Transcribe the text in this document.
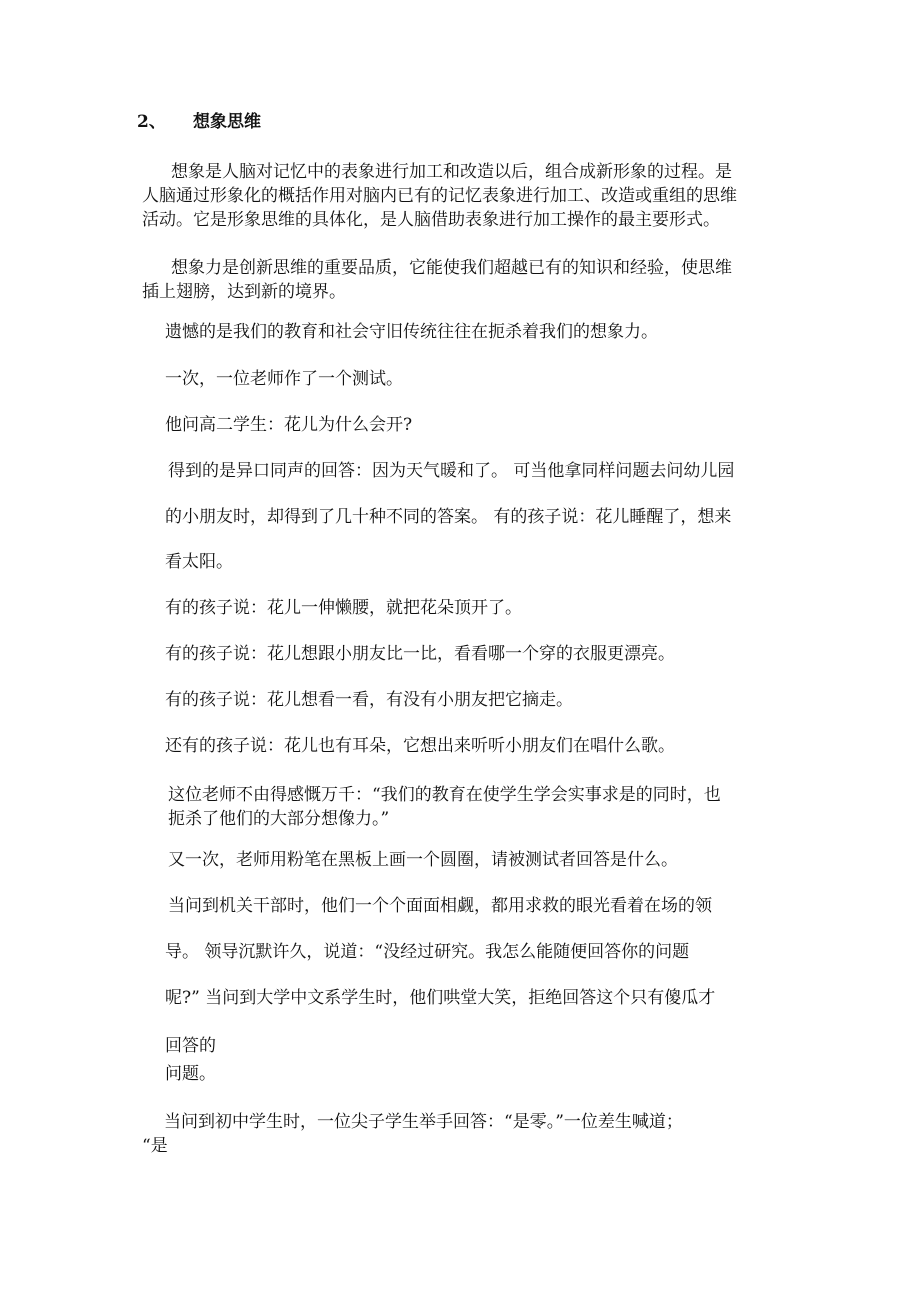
2、 想象思维
想象是人脑对记忆中的表象进行加工和改造以后，组合成新形象的过程。是
人脑通过形象化的概括作用对脑内已有的记忆表象进行加工、改造或重组的思维
活动。它是形象思维的具体化，是人脑借助表象进行加工操作的最主要形式。
想象力是创新思维的重要品质，它能使我们超越已有的知识和经验，使思维
插上翅膀，达到新的境界。
遗憾的是我们的教育和社会守旧传统往往在扼杀着我们的想象力。
一次，一位老师作了一个测试。
他问高二学生：花儿为什么会开?
得到的是异口同声的回答：因为天气暖和了。 可当他拿同样问题去问幼儿园
的小朋友时，却得到了几十种不同的答案。 有的孩子说：花儿睡醒了，想来
看太阳。
有的孩子说：花儿一伸懒腰，就把花朵顶开了。
有的孩子说：花儿想跟小朋友比一比，看看哪一个穿的衣服更漂亮。
有的孩子说：花儿想看一看，有没有小朋友把它摘走。
还有的孩子说：花儿也有耳朵，它想出来听听小朋友们在唱什么歌。
这位老师不由得感慨万千：“我们的教育在使学生学会实事求是的同时，也
扼杀了他们的大部分想像力。”
又一次，老师用粉笔在黑板上画一个圆圈，请被测试者回答是什么。
当问到机关干部时，他们一个个面面相觑，都用求救的眼光看着在场的领
导。 领导沉默许久，说道：“没经过研究。我怎么能随便回答你的问题
呢?” 当问到大学中文系学生时，他们哄堂大笑，拒绝回答这个只有傻瓜才
回答的
问题。
当问到初中学生时，一位尖子学生举手回答：“是零。”一位差生喊道；
“是
